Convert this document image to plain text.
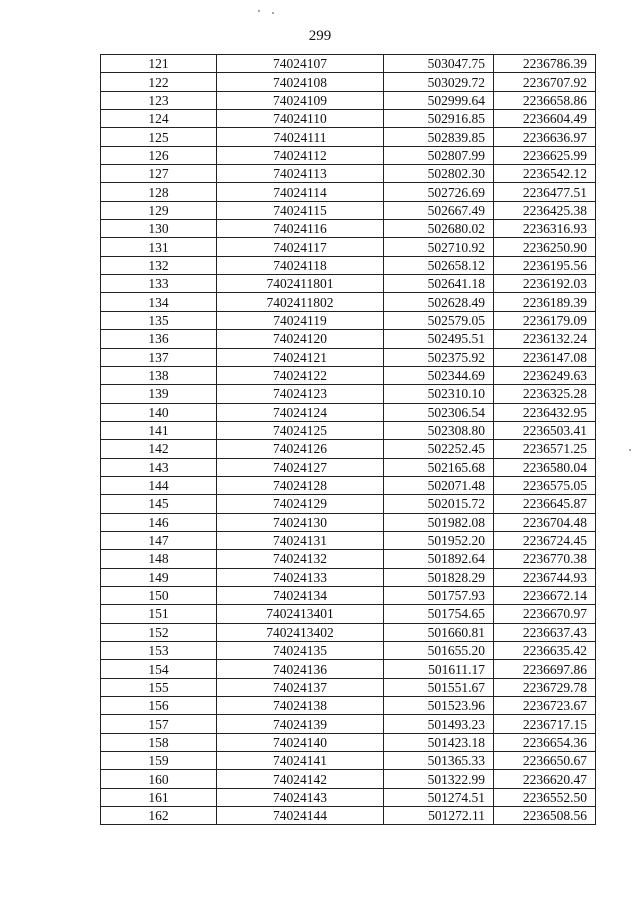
299
121	74024107	503047.75	2236786.39
122	74024108	503029.72	2236707.92
123	74024109	502999.64	2236658.86
124	74024110	502916.85	2236604.49
125	74024111	502839.85	2236636.97
126	74024112	502807.99	2236625.99
127	74024113	502802.30	2236542.12
128	74024114	502726.69	2236477.51
129	74024115	502667.49	2236425.38
130	74024116	502680.02	2236316.93
131	74024117	502710.92	2236250.90
132	74024118	502658.12	2236195.56
133	7402411801	502641.18	2236192.03
134	7402411802	502628.49	2236189.39
135	74024119	502579.05	2236179.09
136	74024120	502495.51	2236132.24
137	74024121	502375.92	2236147.08
138	74024122	502344.69	2236249.63
139	74024123	502310.10	2236325.28
140	74024124	502306.54	2236432.95
141	74024125	502308.80	2236503.41
142	74024126	502252.45	2236571.25
143	74024127	502165.68	2236580.04
144	74024128	502071.48	2236575.05
145	74024129	502015.72	2236645.87
146	74024130	501982.08	2236704.48
147	74024131	501952.20	2236724.45
148	74024132	501892.64	2236770.38
149	74024133	501828.29	2236744.93
150	74024134	501757.93	2236672.14
151	7402413401	501754.65	2236670.97
152	7402413402	501660.81	2236637.43
153	74024135	501655.20	2236635.42
154	74024136	501611.17	2236697.86
155	74024137	501551.67	2236729.78
156	74024138	501523.96	2236723.67
157	74024139	501493.23	2236717.15
158	74024140	501423.18	2236654.36
159	74024141	501365.33	2236650.67
160	74024142	501322.99	2236620.47
161	74024143	501274.51	2236552.50
162	74024144	501272.11	2236508.56
